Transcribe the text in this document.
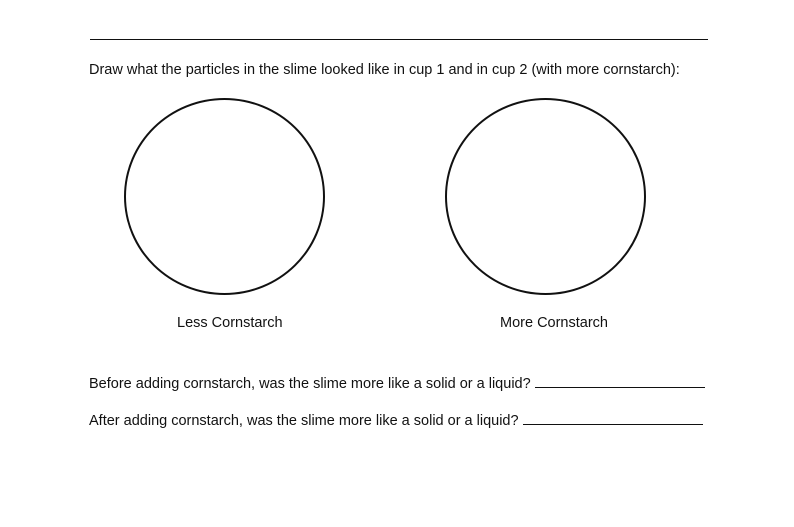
Draw what the particles in the slime looked like in cup 1 and in cup 2 (with more cornstarch):
Less Cornstarch	More Cornstarch
Before adding cornstarch, was the slime more like a solid or a liquid?
After adding cornstarch, was the slime more like a solid or a liquid?
